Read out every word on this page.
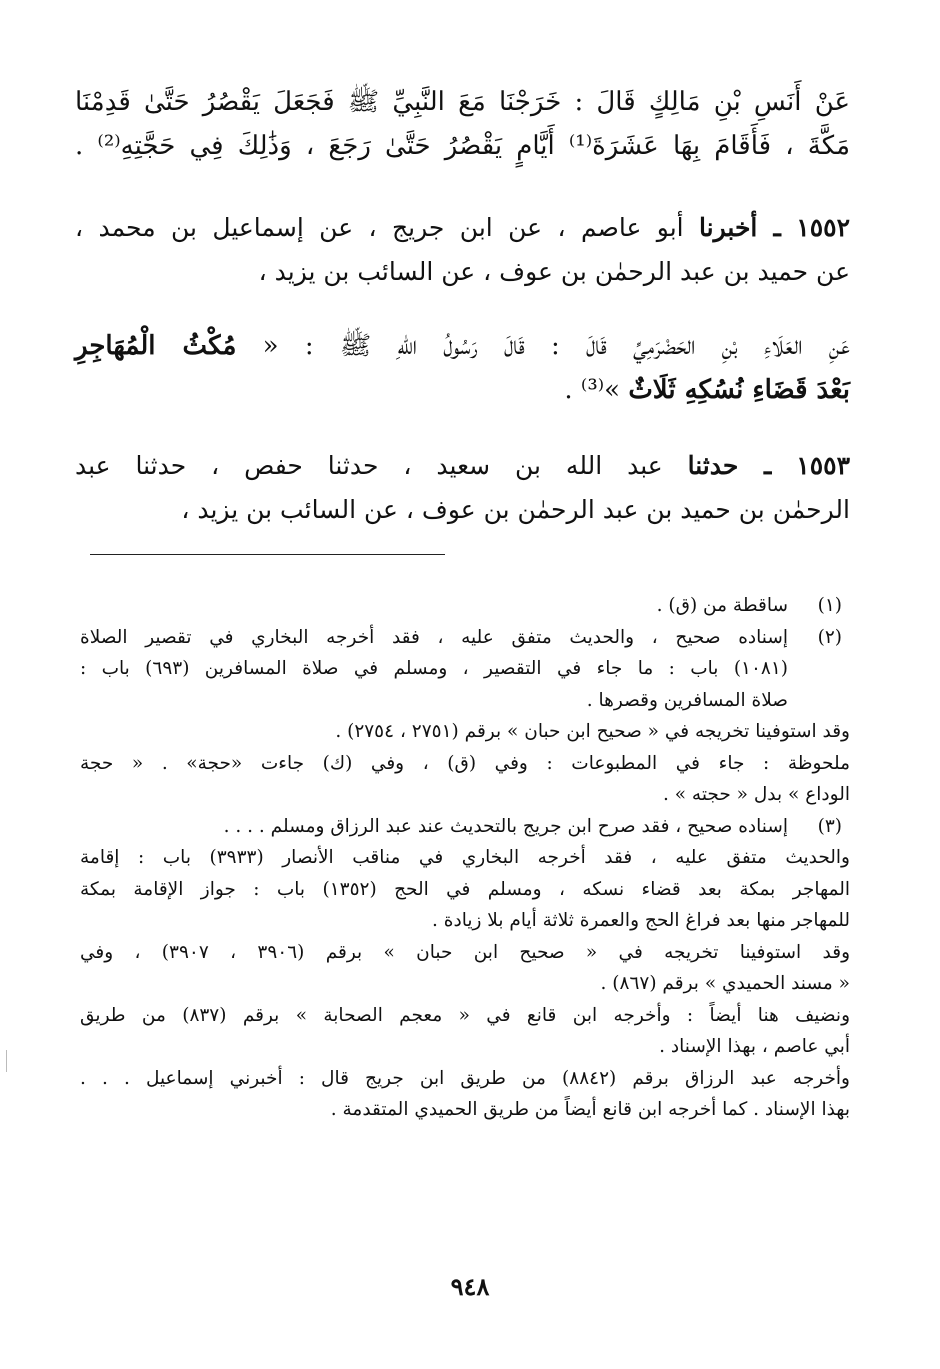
عَنْ أَنَسِ بْنِ مَالِكٍ قَالَ : خَرَجْنَا مَعَ النَّبِيِّ ﷺ فَجَعَلَ يَقْصُرُ حَتَّىٰ قَدِمْنَا
مَكَّةَ ، فَأَقَامَ بِهَا عَشَرَةَ⁽¹⁾ أَيَّامٍ يَقْصُرُ حَتَّىٰ رَجَعَ ، وَذَٰلِكَ فِي حَجَّتِهِ⁽²⁾ .
١٥٥٢ ـ أخبرنا أبو عاصم ، عن ابن جريج ، عن إسماعيل بن محمد ،
عن حميد بن عبد الرحمٰن بن عوف ، عن السائب بن يزيد ،
عَنِ العَلَاءِ بْنِ الحَضْرَمِيِّ قَالَ : قَالَ رَسُولُ اللهِ ﷺ : « مُكْثُ الْمُهَاجِرِ
بَعْدَ قَضَاءِ نُسُكِهِ ثَلَاثٌ »⁽³⁾ .
١٥٥٣ ـ حدثنا عبد الله بن سعيد ، حدثنا حفص ، حدثنا عبد
الرحمٰن بن حميد بن عبد الرحمٰن بن عوف ، عن السائب بن يزيد ،
(١)
ساقطة من (ق) .
(٢)
إسناده صحيح ، والحديث متفق عليه ، فقد أخرجه البخاري في تقصير الصلاة
(١٠٨١) باب : ما جاء في التقصير ، ومسلم في صلاة المسافرين (٦٩٣) باب :
صلاة المسافرين وقصرها .
وقد استوفينا تخريجه في « صحيح ابن حبان » برقم (٢٧٥١ ، ٢٧٥٤) .
ملحوظة : جاء في المطبوعات : وفي (ق) ، وفي (ك) جاءت «حجة» . « حجة
الوداع » بدل « حجته » .
(٣)
إسناده صحيح ، فقد صرح ابن جريج بالتحديث عند عبد الرزاق ومسلم . . . .
والحديث متفق عليه ، فقد أخرجه البخاري في مناقب الأنصار (٣٩٣٣) باب : إقامة
المهاجر بمكة بعد قضاء نسكه ، ومسلم في الحج (١٣٥٢) باب : جواز الإقامة بمكة
للمهاجر منها بعد فراغ الحج والعمرة ثلاثة أيام بلا زيادة .
وقد استوفينا تخريجه في « صحيح ابن حبان » برقم (٣٩٠٦ ، ٣٩٠٧) ، وفي
« مسند الحميدي » برقم (٨٦٧) .
ونضيف هنا أيضاً : وأخرجه ابن قانع في « معجم الصحابة » برقم (٨٣٧) من طريق
أبي عاصم ، بهذا الإسناد .
وأخرجه عبد الرزاق برقم (٨٨٤٢) من طريق ابن جريج قال : أخبرني إسماعيل . . .
بهذا الإسناد . كما أخرجه ابن قانع أيضاً من طريق الحميدي المتقدمة .
٩٤٨
